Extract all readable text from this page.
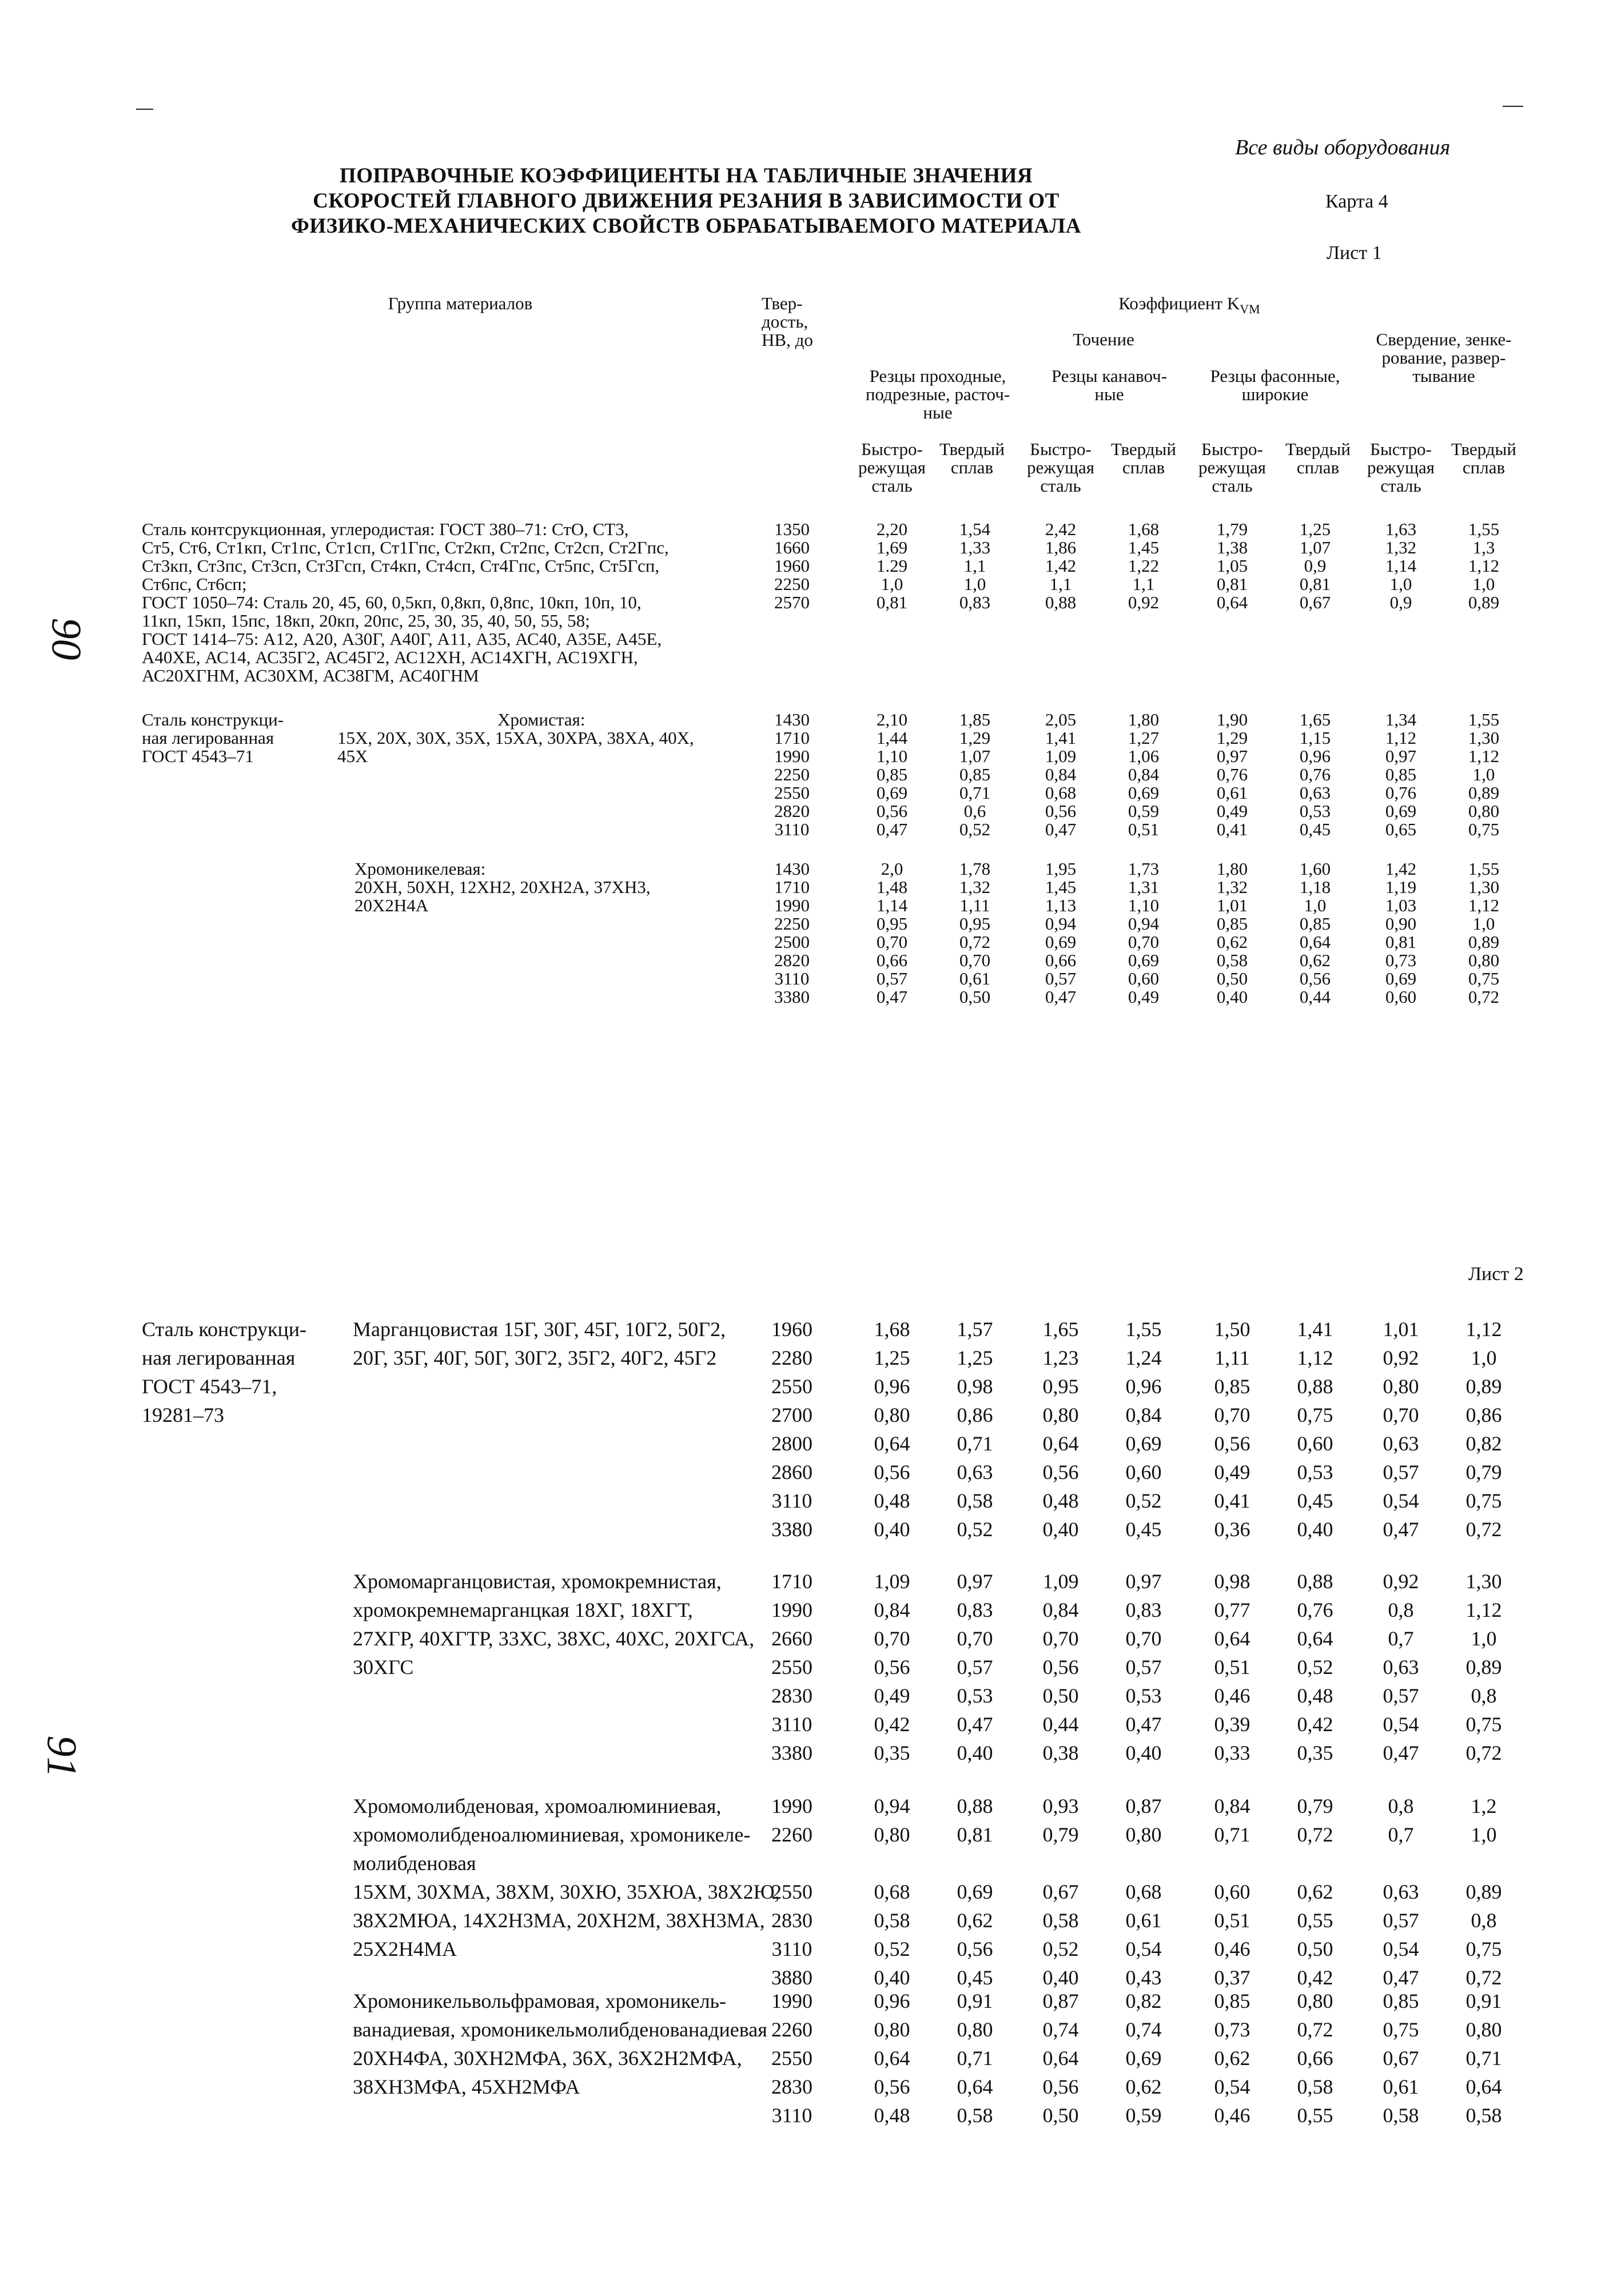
90
91
Все виды оборудования
ПОПРАВОЧНЫЕ КОЭФФИЦИЕНТЫ НА ТАБЛИЧНЫЕ ЗНАЧЕНИЯ
СКОРОСТЕЙ ГЛАВНОГО ДВИЖЕНИЯ РЕЗАНИЯ В ЗАВИСИМОСТИ ОТ
ФИЗИКО-МЕХАНИЧЕСКИХ СВОЙСТВ ОБРАБАТЫВАЕМОГО МАТЕРИАЛА
Карта 4
Лист 1
Группа материалов	Твер-
дость,
НВ, до
Коэффициент $K_{VM}$
Точение	Свердение, зенке-
рование, развер-
тывание
Резцы проходные,
подрезные, расточ-
ные
Резцы канавоч-
ные
Резцы фасонные,
широкие
Быстро-
режущая
сталь
Твердый
сплав
Быстро-
режущая
сталь
Твердый
сплав
Быстро-
режущая
сталь
Твердый
сплав
Быстро-
режущая
сталь
Твердый
сплав
Сталь контсрукционная, углеродистая: ГОСТ 380–71: СтО, СТ3,
Ст5, Ст6, Ст1кп, Ст1пс, Ст1сп, Ст1Гпс, Ст2кп, Ст2пс, Ст2сп, Ст2Гпс,
Ст3кп, Ст3пс, Ст3сп, Ст3Гсп, Ст4кп, Ст4сп, Ст4Гпс, Ст5пс, Ст5Гсп,
Ст6пс, Ст6сп;
ГОСТ 1050–74: Сталь 20, 45, 60, 0,5кп, 0,8кп, 0,8пс, 10кп, 10п, 10,
11кп, 15кп, 15пс, 18кп, 20кп, 20пс, 25, 30, 35, 40, 50, 55, 58;
ГОСТ 1414–75: А12, А20, А30Г, А40Г, А11, А35, АС40, А35Е, А45Е,
А40ХЕ, АС14, АС35Г2, АС45Г2, АС12ХН, АС14ХГН, АС19ХГН,
АС20ХГНМ, АС30ХМ, АС38ГМ, АС40ГНМ
1350
1660
1960
2250
2570
2,20
1,69
1.29
1,0
0,81
1,54
1,33
1,1
1,0
0,83
2,42
1,86
1,42
1,1
0,88
1,68
1,45
1,22
1,1
0,92
1,79
1,38
1,05
0,81
0,64
1,25
1,07
0,9
0,81
0,67
1,63
1,32
1,14
1,0
0,9
1,55
1,3
1,12
1,0
0,89
Сталь конструкци-
ная легированная
ГОСТ 4543–71
Хромистая:
15Х, 20Х, 30Х, 35Х, 15ХА, 30ХРА, 38ХА, 40Х,
45Х
1430
1710
1990
2250
2550
2820
3110
2,10
1,44
1,10
0,85
0,69
0,56
0,47
1,85
1,29
1,07
0,85
0,71
0,6
0,52
2,05
1,41
1,09
0,84
0,68
0,56
0,47
1,80
1,27
1,06
0,84
0,69
0,59
0,51
1,90
1,29
0,97
0,76
0,61
0,49
0,41
1,65
1,15
0,96
0,76
0,63
0,53
0,45
1,34
1,12
0,97
0,85
0,76
0,69
0,65
1,55
1,30
1,12
1,0
0,89
0,80
0,75
Хромоникелевая:
20ХН, 50ХН, 12ХН2, 20ХН2А, 37ХН3,
20Х2Н4А
1430
1710
1990
2250
2500
2820
3110
3380
2,0
1,48
1,14
0,95
0,70
0,66
0,57
0,47
1,78
1,32
1,11
0,95
0,72
0,70
0,61
0,50
1,95
1,45
1,13
0,94
0,69
0,66
0,57
0,47
1,73
1,31
1,10
0,94
0,70
0,69
0,60
0,49
1,80
1,32
1,01
0,85
0,62
0,58
0,50
0,40
1,60
1,18
1,0
0,85
0,64
0,62
0,56
0,44
1,42
1,19
1,03
0,90
0,81
0,73
0,69
0,60
1,55
1,30
1,12
1,0
0,89
0,80
0,75
0,72
Лист 2
Сталь конструкци-
ная легированная
ГОСТ 4543–71,
19281–73
Марганцовистая 15Г, 30Г, 45Г, 10Г2, 50Г2,
20Г, 35Г, 40Г, 50Г, 30Г2, 35Г2, 40Г2, 45Г2
1960
2280
2550
2700
2800
2860
3110
3380
1,68
1,25
0,96
0,80
0,64
0,56
0,48
0,40
1,57
1,25
0,98
0,86
0,71
0,63
0,58
0,52
1,65
1,23
0,95
0,80
0,64
0,56
0,48
0,40
1,55
1,24
0,96
0,84
0,69
0,60
0,52
0,45
1,50
1,11
0,85
0,70
0,56
0,49
0,41
0,36
1,41
1,12
0,88
0,75
0,60
0,53
0,45
0,40
1,01
0,92
0,80
0,70
0,63
0,57
0,54
0,47
1,12
1,0
0,89
0,86
0,82
0,79
0,75
0,72
Хромомарганцовистая, хромокремнистая,
хромокремнемарганцкая 18ХГ, 18ХГТ,
27ХГР, 40ХГТР, 33ХС, 38ХС, 40ХС, 20ХГСА,
30ХГС
1710
1990
2660
2550
2830
3110
3380
1,09
0,84
0,70
0,56
0,49
0,42
0,35
0,97
0,83
0,70
0,57
0,53
0,47
0,40
1,09
0,84
0,70
0,56
0,50
0,44
0,38
0,97
0,83
0,70
0,57
0,53
0,47
0,40
0,98
0,77
0,64
0,51
0,46
0,39
0,33
0,88
0,76
0,64
0,52
0,48
0,42
0,35
0,92
0,8
0,7
0,63
0,57
0,54
0,47
1,30
1,12
1,0
0,89
0,8
0,75
0,72
Хромомолибденовая, хромоалюминиевая,
хромомолибденоалюминиевая, хромоникеле-
молибденовая
15ХМ, 30ХМА, 38ХМ, 30ХЮ, 35ХЮА, 38Х2Ю,
38Х2МЮА, 14Х2Н3МА, 20ХН2М, 38ХН3МА,
25Х2Н4МА
1990
2260
2550
2830
3110
3880
0,94
0,80
0,68
0,58
0,52
0,40
0,88
0,81
0,69
0,62
0,56
0,45
0,93
0,79
0,67
0,58
0,52
0,40
0,87
0,80
0,68
0,61
0,54
0,43
0,84
0,71
0,60
0,51
0,46
0,37
0,79
0,72
0,62
0,55
0,50
0,42
0,8
0,7
0,63
0,57
0,54
0,47
1,2
1,0
0,89
0,8
0,75
0,72
Хромоникельвольфрамовая, хромоникель-
ванадиевая, хромоникельмолибденованадиевая
20ХН4ФА, 30ХН2МФА, 36Х, 36Х2Н2МФА,
38ХН3МФА, 45ХН2МФА
1990
2260
2550
2830
3110
0,96
0,80
0,64
0,56
0,48
0,91
0,80
0,71
0,64
0,58
0,87
0,74
0,64
0,56
0,50
0,82
0,74
0,69
0,62
0,59
0,85
0,73
0,62
0,54
0,46
0,80
0,72
0,66
0,58
0,55
0,85
0,75
0,67
0,61
0,58
0,91
0,80
0,71
0,64
0,58
